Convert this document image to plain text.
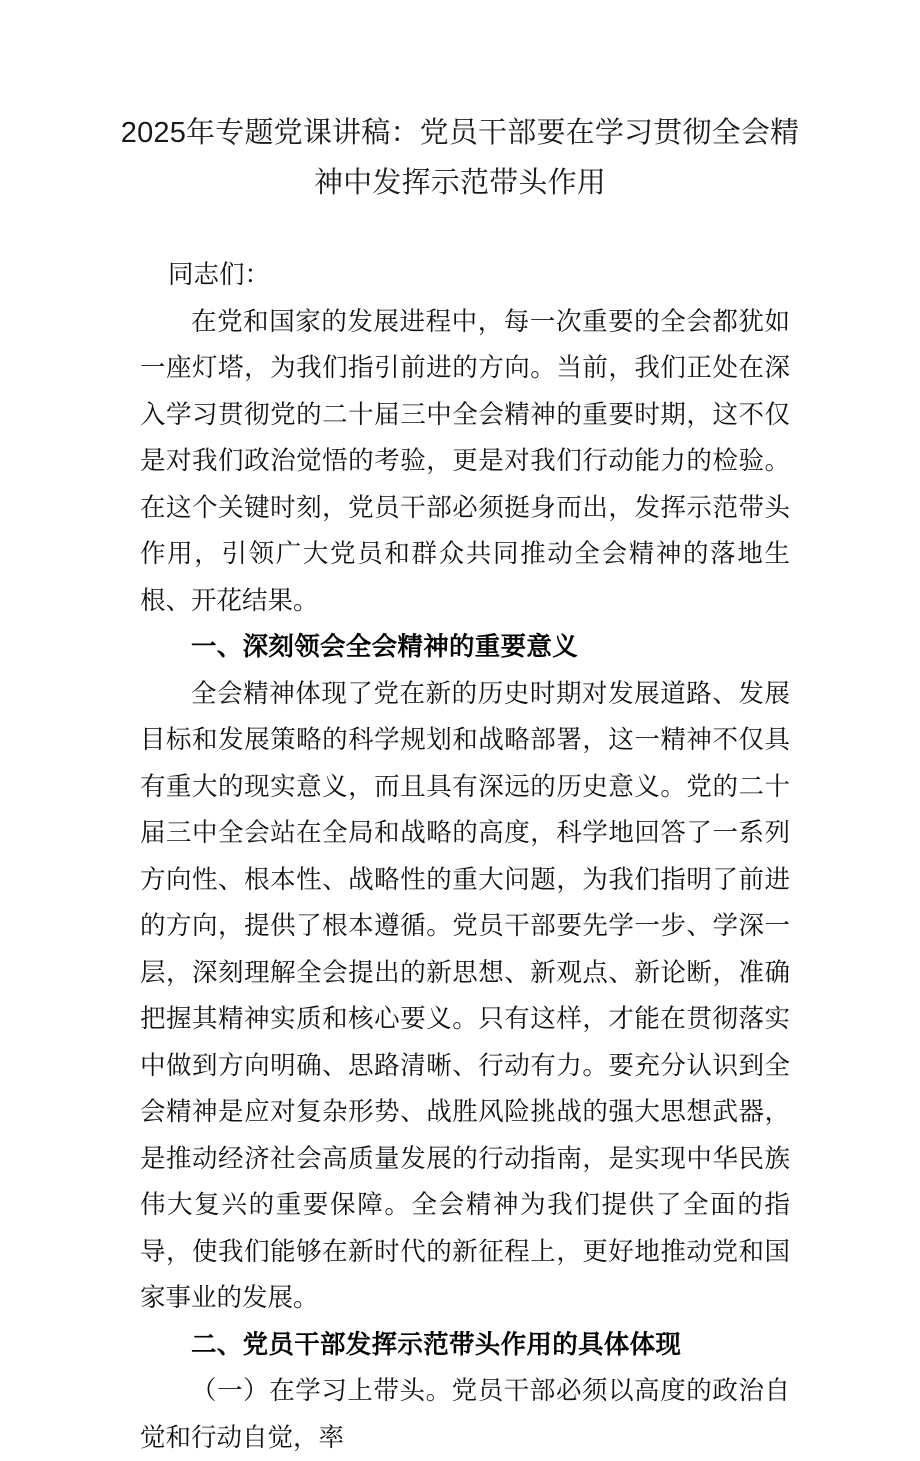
2025年专题党课讲稿：党员干部要在学习贯彻全会精
神中发挥示范带头作用

同志们：

在党和国家的发展进程中，每一次重要的全会都犹如一座灯塔，为我们指引前进的方向。当前，我们正处在深入学习贯彻党的二十届三中全会精神的重要时期，这不仅是对我们政治觉悟的考验，更是对我们行动能力的检验。在这个关键时刻，党员干部必须挺身而出，发挥示范带头作用，引领广大党员和群众共同推动全会精神的落地生根、开花结果。

一、深刻领会全会精神的重要意义

全会精神体现了党在新的历史时期对发展道路、发展目标和发展策略的科学规划和战略部署，这一精神不仅具有重大的现实意义，而且具有深远的历史意义。党的二十届三中全会站在全局和战略的高度，科学地回答了一系列方向性、根本性、战略性的重大问题，为我们指明了前进的方向，提供了根本遵循。党员干部要先学一步、学深一层，深刻理解全会提出的新思想、新观点、新论断，准确把握其精神实质和核心要义。只有这样，才能在贯彻落实中做到方向明确、思路清晰、行动有力。要充分认识到全会精神是应对复杂形势、战胜风险挑战的强大思想武器，是推动经济社会高质量发展的行动指南，是实现中华民族伟大复兴的重要保障。全会精神为我们提供了全面的指导，使我们能够在新时代的新征程上，更好地推动党和国家事业的发展。

二、党员干部发挥示范带头作用的具体体现

（一）在学习上带头。党员干部必须以高度的政治自觉和行动自觉，率
